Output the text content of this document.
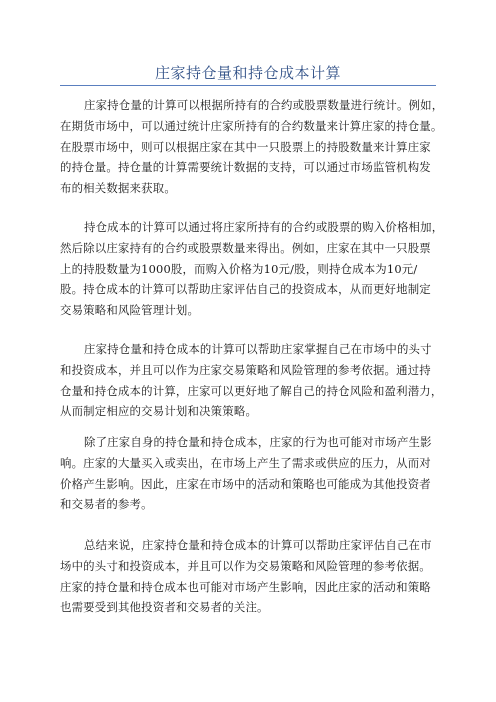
庄家持仓量和持仓成本计算
庄家持仓量的计算可以根据所持有的合约或股票数量进行统计。例如，
在期货市场中，可以通过统计庄家所持有的合约数量来计算庄家的持仓量。
在股票市场中，则可以根据庄家在其中一只股票上的持股数量来计算庄家
的持仓量。持仓量的计算需要统计数据的支持，可以通过市场监管机构发
布的相关数据来获取。
持仓成本的计算可以通过将庄家所持有的合约或股票的购入价格相加，
然后除以庄家持有的合约或股票数量来得出。例如，庄家在其中一只股票
上的持股数量为1000股，而购入价格为10元/股，则持仓成本为10元/
股。持仓成本的计算可以帮助庄家评估自己的投资成本，从而更好地制定
交易策略和风险管理计划。
庄家持仓量和持仓成本的计算可以帮助庄家掌握自己在市场中的头寸
和投资成本，并且可以作为庄家交易策略和风险管理的参考依据。通过持
仓量和持仓成本的计算，庄家可以更好地了解自己的持仓风险和盈利潜力，
从而制定相应的交易计划和决策策略。
除了庄家自身的持仓量和持仓成本，庄家的行为也可能对市场产生影
响。庄家的大量买入或卖出，在市场上产生了需求或供应的压力，从而对
价格产生影响。因此，庄家在市场中的活动和策略也可能成为其他投资者
和交易者的参考。
总结来说，庄家持仓量和持仓成本的计算可以帮助庄家评估自己在市
场中的头寸和投资成本，并且可以作为交易策略和风险管理的参考依据。
庄家的持仓量和持仓成本也可能对市场产生影响，因此庄家的活动和策略
也需要受到其他投资者和交易者的关注。
